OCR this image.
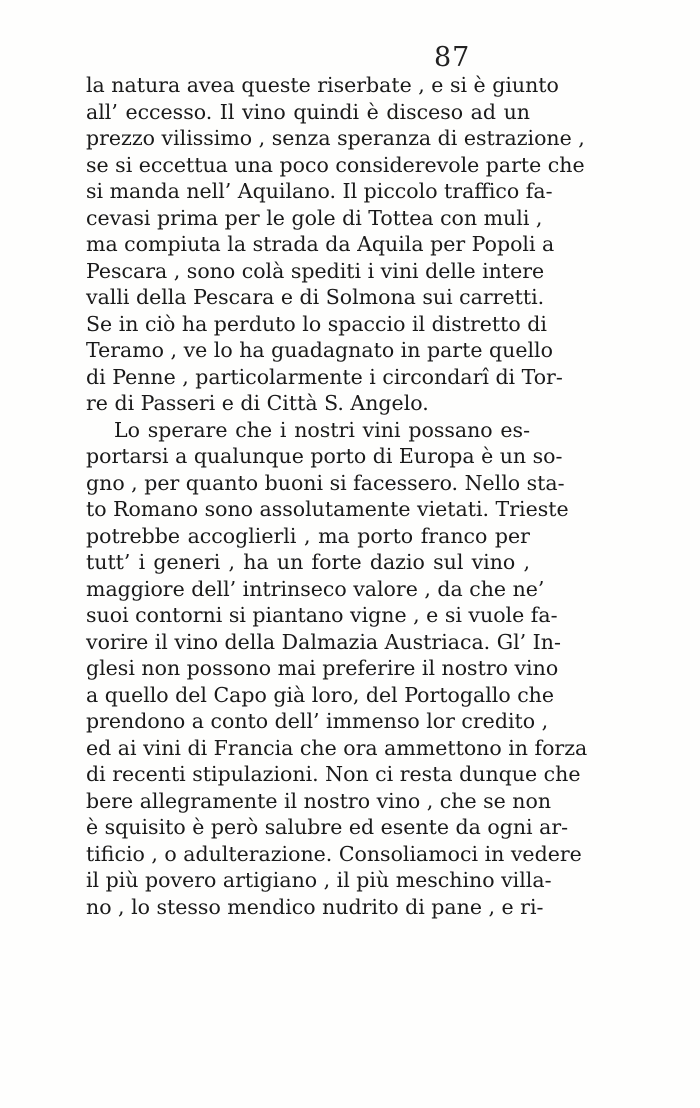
87
la natura avea queste riserbate , e si è giunto
all’ eccesso. Il vino quindi è disceso ad un
prezzo vilissimo , senza speranza di estrazione ,
se si eccettua una poco considerevole parte che
si manda nell’ Aquilano. Il piccolo traffico fa-
cevasi prima per le gole di Tottea con muli ,
ma compiuta la strada da Aquila per Popoli a
Pescara , sono colà spediti i vini delle intere
valli della Pescara e di Solmona sui carretti.
Se in ciò ha perduto lo spaccio il distretto di
Teramo , ve lo ha guadagnato in parte quello
di Penne , particolarmente i circondarî di Tor-
re di Passeri e di Città S. Angelo.
Lo sperare che i nostri vini possano es-
portarsi a qualunque porto di Europa è un so-
gno , per quanto buoni si facessero. Nello sta-
to Romano sono assolutamente vietati. Trieste
potrebbe accoglierli , ma porto franco per
tutt’ i generi , ha un forte dazio sul vino ,
maggiore dell’ intrinseco valore , da che ne’
suoi contorni si piantano vigne , e si vuole fa-
vorire il vino della Dalmazia Austriaca. Gl’ In-
glesi non possono mai preferire il nostro vino
a quello del Capo già loro, del Portogallo che
prendono a conto dell’ immenso lor credito ,
ed ai vini di Francia che ora ammettono in forza
di recenti stipulazioni. Non ci resta dunque che
bere allegramente il nostro vino , che se non
è squisito è però salubre ed esente da ogni ar-
tificio , o adulterazione. Consoliamoci in vedere
il più povero artigiano , il più meschino villa-
no , lo stesso mendico nudrito di pane , e ri-
